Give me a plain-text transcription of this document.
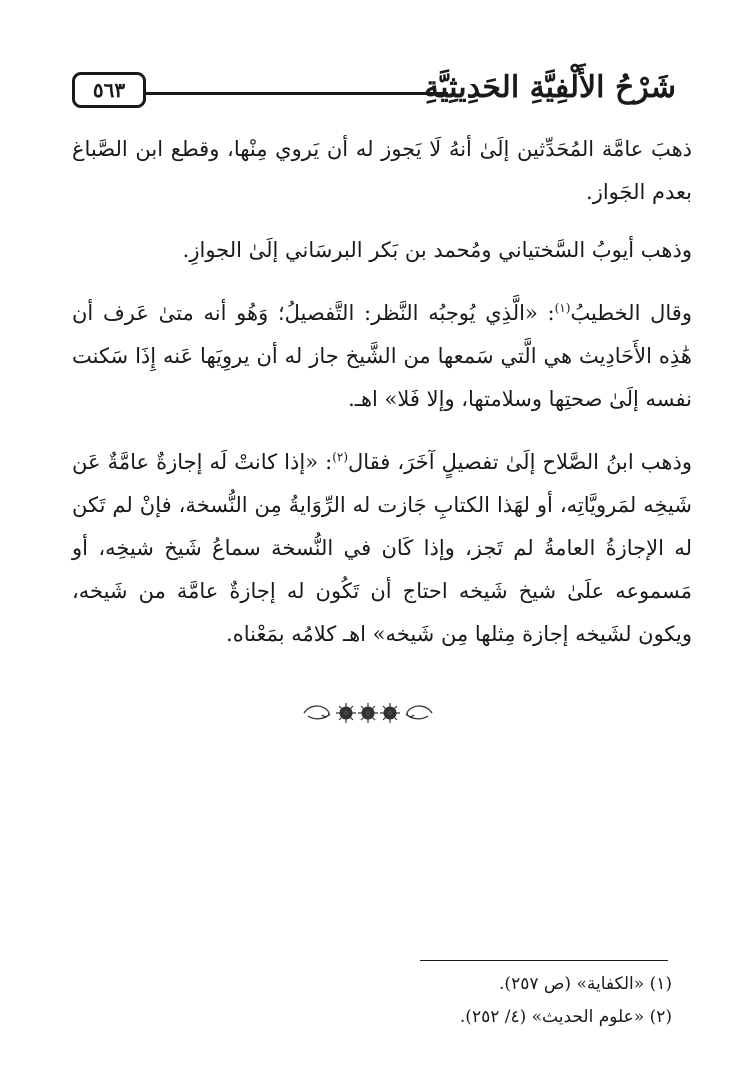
شَرْحُ الأَلْفِيَّةِ الحَدِيثِيَّةِ
٥٦٣

ذهبَ عامَّة المُحَدِّثين إلَىٰ أنهُ لَا يَجوز له أن يَروي مِنْها، وقطع ابن الصَّباغ بعدم الجَواز.

وذهب أيوبُ السَّختياني ومُحمد بن بَكر البرسَاني إلَىٰ الجوازِ.

وقال الخطيبُ$^{(١)}$: «الَّذِي يُوجبُه النَّظر: التَّفصيلُ؛ وَهُو أنه متىٰ عَرف أن هَٰذِه الأَحَادِيث هي الَّتي سَمعها من الشَّيخ جاز له أن يروِيَها عَنه إِذَا سَكنت نفسه إلَىٰ صحتِها وسلامتها، وإلا فَلا» اهـ.

وذهب ابنُ الصَّلاح إلَىٰ تفصيلٍ آخَرَ، فقال$^{(٢)}$: «إذا كانتْ لَه إجازةٌ عامَّةٌ عَن شَيخِه لمَرويَّاتِه، أو لهَذا الكتابِ جَازت له الرِّوَايةُ مِن النُّسخة، فإنْ لم تَكن له الإجازةُ العامةُ لم تَجز، وإذا كَان في النُّسخة سماعُ شَيخ شيخِه، أو مَسموعه علَىٰ شيخ شَيخه احتاج أن تَكُون له إجازةٌ عامَّة من شَيخه، ويكون لشَيخه إجازة مِثلها مِن شَيخه» اهـ كلامُه بمَعْناه.

(١) «الكفاية» (ص ٢٥٧).
(٢) «علوم الحديث» (٤/ ٢٥٢).
